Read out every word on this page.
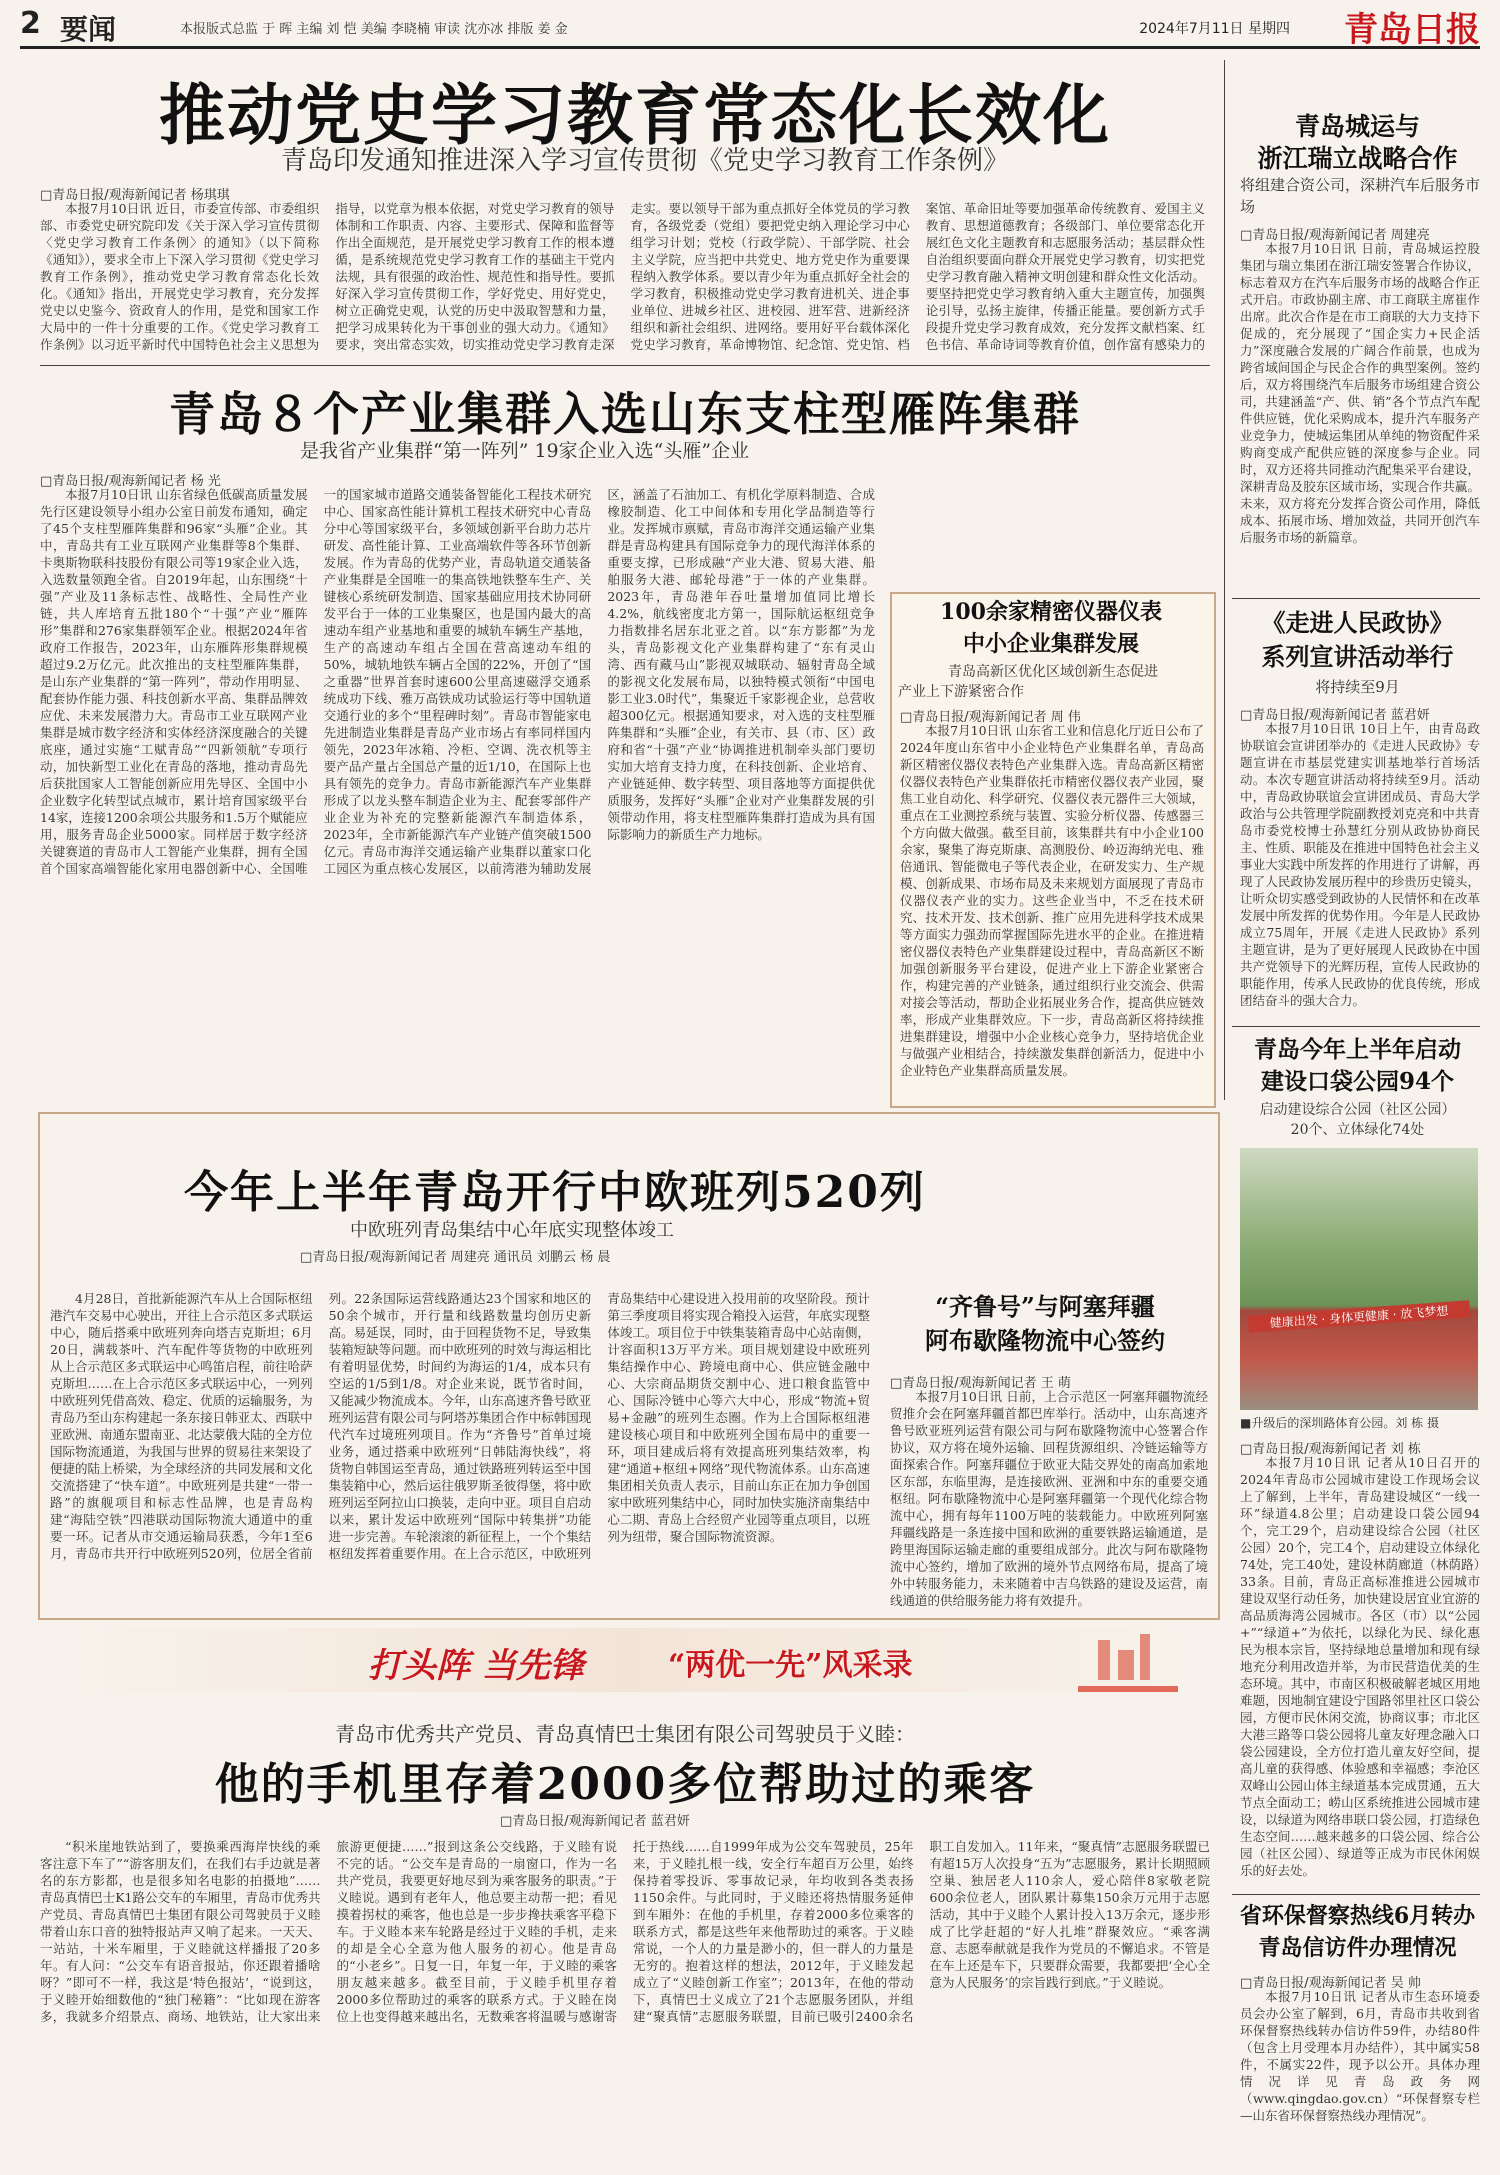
2 要闻	本报版式总监 于 晖 主编 刘 恺 美编 李晓楠 审读 沈亦冰 排版 姜 金	2024年7月11日 星期四 青岛日报
推动党史学习教育常态化长效化
青岛印发通知推进深入学习宣传贯彻《党史学习教育工作条例》
□青岛日报/观海新闻记者 杨琪琪

本报7月10日讯 近日，市委宣传部、市委组织部、市委党史研究院印发《关于深入学习宣传贯彻〈党史学习教育工作条例〉的通知》（以下简称《通知》），要求全市上下深入学习贯彻《党史学习教育工作条例》，推动党史学习教育常态化长效化。《通知》指出，开展党史学习教育，充分发挥党史以史鉴今、资政育人的作用，是党和国家工作大局中的一件十分重要的工作。《党史学习教育工作条例》以习近平新时代中国特色社会主义思想为指导，以党章为根本依据，对党史学习教育的领导体制和工作职责、内容、主要形式、保障和监督等作出全面规范，是开展党史学习教育工作的根本遵循，是系统规范党史学习教育工作的基础主干党内法规，具有很强的政治性、规范性和指导性。要抓好深入学习宣传贯彻工作，学好党史、用好党史，树立正确党史观，认党的历史中汲取智慧和力量，把学习成果转化为干事创业的强大动力。《通知》要求，突出常态实效，切实推动党史学习教育走深走实。要以领导干部为重点抓好全体党员的学习教育，各级党委（党组）要把党史纳入理论学习中心组学习计划；党校（行政学院）、干部学院、社会主义学院，应当把中共党史、地方党史作为重要课程纳入教学体系。要以青少年为重点抓好全社会的学习教育，积极推动党史学习教育进机关、进企事业单位、进城乡社区、进校园、进军营、进新经济组织和新社会组织、进网络。要用好平台载体深化党史学习教育，革命博物馆、纪念馆、党史馆、档案馆、革命旧址等要加强革命传统教育、爱国主义教育、思想道德教育；各级部门、单位要常态化开展红色文化主题教育和志愿服务活动；基层群众性自治组织要面向群众开展党史学习教育，切实把党史学习教育融入精神文明创建和群众性文化活动。要坚持把党史学习教育纳入重大主题宣传，加强舆论引导，弘扬主旋律，传播正能量。要创新方式手段提升党史学习教育成效，充分发挥文献档案、红色书信、革命诗词等教育价值，创作富有感染力的

青岛城运与
浙江瑞立战略合作
将组建合资公司，深耕汽车后服务市场
□青岛日报/观海新闻记者 周建亮

本报7月10日讯 日前，青岛城运控股集团与瑞立集团在浙江瑞安签署合作协议，标志着双方在汽车后服务市场的战略合作正式开启。市政协副主席、市工商联主席崔作出席。此次合作是在市工商联的大力支持下促成的，充分展现了“国企实力+民企活力”深度融合发展的广阔合作前景，也成为跨省域间国企与民企合作的典型案例。签约后，双方将围绕汽车后服务市场组建合资公司，共建涵盖“产、供、销”各个节点汽车配件供应链，优化采购成本，提升汽车服务产业竞争力，使城运集团从单纯的物资配件采购商变成产配供应链的深度参与企业。同时，双方还将共同推动汽配集采平台建设，深耕青岛及胶东区域市场，实现合作共赢。未来，双方将充分发挥合资公司作用，降低成本、拓展市场、增加效益，共同开创汽车后服务市场的新篇章。

青岛８个产业集群入选山东支柱型雁阵集群
是我省产业集群“第一阵列” 19家企业入选“头雁”企业
□青岛日报/观海新闻记者 杨 光

本报7月10日讯 山东省绿色低碳高质量发展先行区建设领导小组办公室日前发布通知，确定了45个支柱型雁阵集群和96家“头雁”企业。其中，青岛共有工业互联网产业集群等8个集群、卡奥斯物联科技股份有限公司等19家企业入选，入选数量领跑全省。自2019年起，山东围绕“十强”产业及11条标志性、战略性、全局性产业链，共人库培育五批180个“十强”产业“雁阵形”集群和276家集群领军企业。根据2024年省政府工作报告，2023年，山东雁阵形集群规模超过9.2万亿元。此次推出的支柱型雁阵集群，是山东产业集群的“第一阵列”，带动作用明显、配套协作能力强、科技创新水平高、集群品牌效应优、未来发展潜力大。青岛市工业互联网产业集群是城市数字经济和实体经济深度融合的关键底座，通过实施“工赋青岛”“四新领航”专项行动，加快新型工业化在青岛的落地，推动青岛先后获批国家人工智能创新应用先导区、全国中小企业数字化转型试点城市，累计培育国家级平台14家，连接1200余项公共服务和1.5万个赋能应用，服务青岛企业5000家。同样居于数字经济关键赛道的青岛市人工智能产业集群，拥有全国首个国家高端智能化家用电器创新中心、全国唯一的国家城市道路交通装备智能化工程技术研究中心、国家高性能计算机工程技术研究中心青岛分中心等国家级平台，多领域创新平台助力芯片研发、高性能计算、工业高端软件等各环节创新发展。作为青岛的优势产业，青岛轨道交通装备产业集群是全国唯一的集高铁地铁整车生产、关键核心系统研发制造、国家基础应用技术协同研发平台于一体的工业集聚区，也是国内最大的高速动车组产业基地和重要的城轨车辆生产基地，生产的高速动车组占全国在营高速动车组的50%，城轨地铁车辆占全国的22%，开创了“国之重器”世界首套时速600公里高速磁浮交通系统成功下线、雅万高铁成功试验运行等中国轨道交通行业的多个“里程碑时刻”。青岛市智能家电先进制造业集群是青岛产业市场占有率同样国内领先，2023年冰箱、冷柜、空调、洗衣机等主要产品产量占全国总产量的近1/10，在国际上也具有领先的竞争力。青岛市新能源汽车产业集群形成了以龙头整车制造企业为主、配套零部件产业企业为补充的完整新能源汽车制造体系，2023年，全市新能源汽车产业链产值突破1500亿元。青岛市海洋交通运输产业集群以董家口化工园区为重点核心发展区，以前湾港为辅助发展区，涵盖了石油加工、有机化学原料制造、合成橡胶制造、化工中间体和专用化学品制造等行业。发挥城市禀赋，青岛市海洋交通运输产业集群是青岛构建具有国际竞争力的现代海洋体系的重要支撑，已形成融“产业大港、贸易大港、船舶服务大港、邮轮母港”于一体的产业集群。2023年，青岛港年吞吐量增加值同比增长4.2%，航线密度北方第一，国际航运枢纽竞争力指数排名居东北亚之首。以“东方影都”为龙头，青岛影视文化产业集群构建了“东有灵山湾、西有藏马山”影视双城联动、辐射青岛全域的影视文化发展布局，以独特模式领衔“中国电影工业3.0时代”，集聚近千家影视企业，总营收超300亿元。根据通知要求，对入选的支柱型雁阵集群和“头雁”企业，有关市、县（市、区）政府和省“十强”产业“协调推进机制牵头部门要切实加大培育支持力度，在科技创新、企业培育、产业链延伸、数字转型、项目落地等方面提供优质服务，发挥好“头雁”企业对产业集群发展的引领带动作用，将支柱型雁阵集群打造成为具有国际影响力的新质生产力地标。

100余家精密仪器仪表
中小企业集群发展
青岛高新区优化区域创新生态促进
产业上下游紧密合作
□青岛日报/观海新闻记者 周 伟

本报7月10日讯 山东省工业和信息化厅近日公布了2024年度山东省中小企业特色产业集群名单，青岛高新区精密仪器仪表特色产业集群入选。青岛高新区精密仪器仪表特色产业集群依托市精密仪器仪表产业园，聚焦工业自动化、科学研究、仪器仪表元器件三大领域，重点在工业测控系统与装置、实验分析仪器、传感器三个方向做大做强。截至目前，该集群共有中小企业100余家，聚集了海克斯康、高测股份、岭迈海纳光电、雅倍通讯、智能微电子等代表企业，在研发实力、生产规模、创新成果、市场布局及未来规划方面展现了青岛市仪器仪表产业的实力。这些企业当中，不乏在技术研究、技术开发、技术创新、推广应用先进科学技术成果等方面实力强劲而掌握国际先进水平的企业。在推进精密仪器仪表特色产业集群建设过程中，青岛高新区不断加强创新服务平台建设，促进产业上下游企业紧密合作，构建完善的产业链条，通过组织行业交流会、供需对接会等活动，帮助企业拓展业务合作，提高供应链效率，形成产业集群效应。下一步，青岛高新区将持续推进集群建设，增强中小企业核心竞争力，坚持培优企业与做强产业相结合，持续激发集群创新活力，促进中小企业特色产业集群高质量发展。

《走进人民政协》
系列宣讲活动举行
将持续至9月
□青岛日报/观海新闻记者 蓝君妍

本报7月10日讯 10日上午，由青岛政协联谊会宣讲团举办的《走进人民政协》专题宣讲在市基层党建实训基地举行首场活动。本次专题宣讲活动将持续至9月。活动中，青岛政协联谊会宣讲团成员、青岛大学政治与公共管理学院副教授刘克亮和中共青岛市委党校博士孙慧红分别从政协协商民主、性质、职能及在推进中国特色社会主义事业大实践中所发挥的作用进行了讲解，再现了人民政协发展历程中的珍贵历史镜头，让听众切实感受到政协的人民情怀和在改革发展中所发挥的优势作用。今年是人民政协成立75周年，开展《走进人民政协》系列主题宣讲，是为了更好展现人民政协在中国共产党领导下的光辉历程，宣传人民政协的职能作用，传承人民政协的优良传统，形成团结奋斗的强大合力。

青岛今年上半年启动
建设口袋公园94个
启动建设综合公园（社区公园）
20个、立体绿化74处
健康出发 · 身体更健康 · 放飞梦想
■升级后的深圳路体育公园。刘 栋 摄
□青岛日报/观海新闻记者 刘 栋

本报7月10日讯 记者从10日召开的2024年青岛市公园城市建设工作现场会议上了解到，上半年，青岛建设城区“一线一环”绿道4.8公里；启动建设口袋公园94个，完工29个，启动建设综合公园（社区公园）20个，完工4个，启动建设立体绿化74处，完工40处，建设林荫廊道（林荫路）33条。目前，青岛正高标准推进公园城市建设双坚行动任务，加快建设居宜业宜游的高品质海湾公园城市。各区（市）以“公园+”“绿道+”为依托，以绿化为民、绿化惠民为根本宗旨，坚持绿地总量增加和现有绿地充分利用改造并举，为市民营造优美的生态环境。其中，市南区积极破解老城区用地难题，因地制宜建设宁国路邻里社区口袋公园，方便市民休闲交流，协商议事；市北区大港三路等口袋公园将儿童友好理念融入口袋公园建设，全方位打造儿童友好空间，提高儿童的获得感、体验感和幸福感；李沧区双峰山公园山体主绿道基本完成贯通，五大节点全面动工；崂山区系统推进公园城市建设，以绿道为网络串联口袋公园，打造绿色生态空间……越来越多的口袋公园、综合公园（社区公园）、绿道等正成为市民休闲娱乐的好去处。

省环保督察热线6月转办
青岛信访件办理情况
□青岛日报/观海新闻记者 吴 帅

本报7月10日讯 记者从市生态环境委员会办公室了解到，6月，青岛市共收到省环保督察热线转办信访件59件，办结80件（包含上月受理本月办结件），其中属实58件，不属实22件，现予以公开。具体办理情况详见青岛政务网（www.qingdao.gov.cn）“环保督察专栏—山东省环保督察热线办理情况”。

今年上半年青岛开行中欧班列520列
中欧班列青岛集结中心年底实现整体竣工
□青岛日报/观海新闻记者 周建亮 通讯员 刘鹏云 杨 晨

4月28日，首批新能源汽车从上合国际枢纽港汽车交易中心驶出，开往上合示范区多式联运中心，随后搭乘中欧班列奔向塔吉克斯坦；6月20日，满载茶叶、汽车配件等货物的中欧班列从上合示范区多式联运中心鸣笛启程，前往哈萨克斯坦……在上合示范区多式联运中心，一列列中欧班列凭借高效、稳定、优质的运输服务，为青岛乃至山东构建起一条东接日韩亚太、西联中亚欧洲、南通东盟南亚、北达蒙俄大陆的全方位国际物流通道，为我国与世界的贸易往来架设了便捷的陆上桥梁，为全球经济的共同发展和文化交流搭建了“快车道”。中欧班列是共建“一带一路”的旗舰项目和标志性品牌，也是青岛构建“海陆空铁”四港联动国际物流大通道中的重要一环。记者从市交通运输局获悉，今年1至6月，青岛市共开行中欧班列520列，位居全省前列。22条国际运营线路通达23个国家和地区的50余个城市，开行量和线路数量均创历史新高。易延误，同时，由于回程货物不足，导致集装箱短缺等问题。而中欧班列的时效与海运相比有着明显优势，时间约为海运的1/4，成本只有空运的1/5到1/8。对企业来说，既节省时间，又能减少物流成本。今年，山东高速齐鲁号欧亚班列运营有限公司与阿塔苏集团合作中标韩国现代汽车过境班列项目。作为“齐鲁号”首单过境业务，通过搭乘中欧班列“日韩陆海快线”，将货物自韩国运至青岛，通过铁路班列转运至中国集装箱中心，然后运往俄罗斯圣彼得堡，将中欧班列运至阿拉山口换装，走向中亚。项目自启动以来，累计发运中欧班列“国际中转集拼”功能进一步完善。车轮滚滚的新征程上，一个个集结枢纽发挥着重要作用。在上合示范区，中欧班列青岛集结中心建设进入投用前的攻坚阶段。预计第三季度项目将实现合箱投入运营，年底实现整体竣工。项目位于中铁集装箱青岛中心站南侧，计容面积13万平方米。项目规划建设中欧班列集结操作中心、跨境电商中心、供应链金融中心、大宗商品期货交割中心、进口粮食监管中心、国际冷链中心等六大中心，形成“物流+贸易+金融”的班列生态圈。作为上合国际枢纽港建设核心项目和中欧班列全国布局中的重要一环，项目建成后将有效提高班列集结效率，构建“通道+枢纽+网络”现代物流体系。山东高速集团相关负责人表示，目前山东正在加力争创国家中欧班列集结中心，同时加快实施济南集结中心二期、青岛上合经贸产业园等重点项目，以班列为纽带，聚合国际物流资源。

“齐鲁号”与阿塞拜疆
阿布歇隆物流中心签约
□青岛日报/观海新闻记者 王 萌

本报7月10日讯 日前，上合示范区一阿塞拜疆物流经贸推介会在阿塞拜疆首都巴库举行。活动中，山东高速齐鲁号欧亚班列运营有限公司与阿布歇隆物流中心签署合作协议，双方将在境外运输、回程货源组织、冷链运输等方面探索合作。阿塞拜疆位于欧亚大陆交界处的南高加索地区东部，东临里海，是连接欧洲、亚洲和中东的重要交通枢纽。阿布歇隆物流中心是阿塞拜疆第一个现代化综合物流中心，拥有每年1100万吨的装载能力。中欧班列阿塞拜疆线路是一条连接中国和欧洲的重要铁路运输通道，是跨里海国际运输走廊的重要组成部分。此次与阿布歇隆物流中心签约，增加了欧洲的境外节点网络布局，提高了境外中转服务能力，未来随着中吉乌铁路的建设及运营，南线通道的供给服务能力将有效提升。

打头阵 当先锋	“两优一先”风采录
青岛市优秀共产党员、青岛真情巴士集团有限公司驾驶员于义睦：
他的手机里存着2000多位帮助过的乘客
□青岛日报/观海新闻记者 蓝君妍

“积米崖地铁站到了，要换乘西海岸快线的乘客注意下车了”“游客朋友们，在我们右手边就是著名的东方影都，也是很多知名电影的拍摄地”……青岛真情巴士K1路公交车的车厢里，青岛市优秀共产党员、青岛真情巴士集团有限公司驾驶员于义睦带着山东口音的独特报站声又响了起来。一天天、一站站，十米车厢里，于义睦就这样播报了20多年。有人问：“公交车有语音报站，你还跟着播啥呀？”即可不一样，我这是‘特色报站’，“说到这，于义睦开始细数他的“独门秘籍”：“比如现在游客多，我就多介绍景点、商场、地铁站，让大家出来旅游更便捷……”报到这条公交线路，于义睦有说不完的话。“公交车是青岛的一扇窗口，作为一名共产党员，我要更好地尽到为乘客服务的职责。”于义睦说。遇到有老年人，他总要主动帮一把；看见摸着拐杖的乘客，他也总是一步步搀扶乘客平稳下车。于义睦本来车轮路是经过于义睦的手机，走来的却是全心全意为他人服务的初心。他是青岛的“小老乡”。日复一日，年复一年，于义睦的乘客朋友越来越多。截至目前，于义睦手机里存着2000多位帮助过的乘客的联系方式。于义睦在岗位上也变得越来越出名，无数乘客将温暖与感谢寄托于热线……自1999年成为公交车驾驶员，25年来，于义睦扎根一线，安全行车超百万公里，始终保持着零投诉、零事故记录，年均收到各类表扬1150余件。与此同时，于义睦还将热情服务延伸到车厢外：在他的手机里，存着2000多位乘客的联系方式，都是这些年来他帮助过的乘客。于义睦常说，一个人的力量是渺小的，但一群人的力量是无穷的。抱着这样的想法，2012年，于义睦发起成立了“义睦创新工作室”；2013年，在他的带动下，真情巴士义成立了21个志愿服务团队，并组建“聚真情”志愿服务联盟，目前已吸引2400余名职工自发加入。11年来，“聚真情”志愿服务联盟已有超15万人次投身“五为”志愿服务，累计长期照顾空巢、独居老人110余人，爱心陪伴8家敬老院600余位老人，团队累计募集150余万元用于志愿活动，其中于义睦个人累计投入13万余元，逐步形成了比学赶超的“好人扎堆”群聚效应。“乘客满意、志愿奉献就是我作为党员的不懈追求。不管是在车上还是车下，只要群众需要，我都要把‘全心全意为人民服务’的宗旨践行到底。”于义睦说。
